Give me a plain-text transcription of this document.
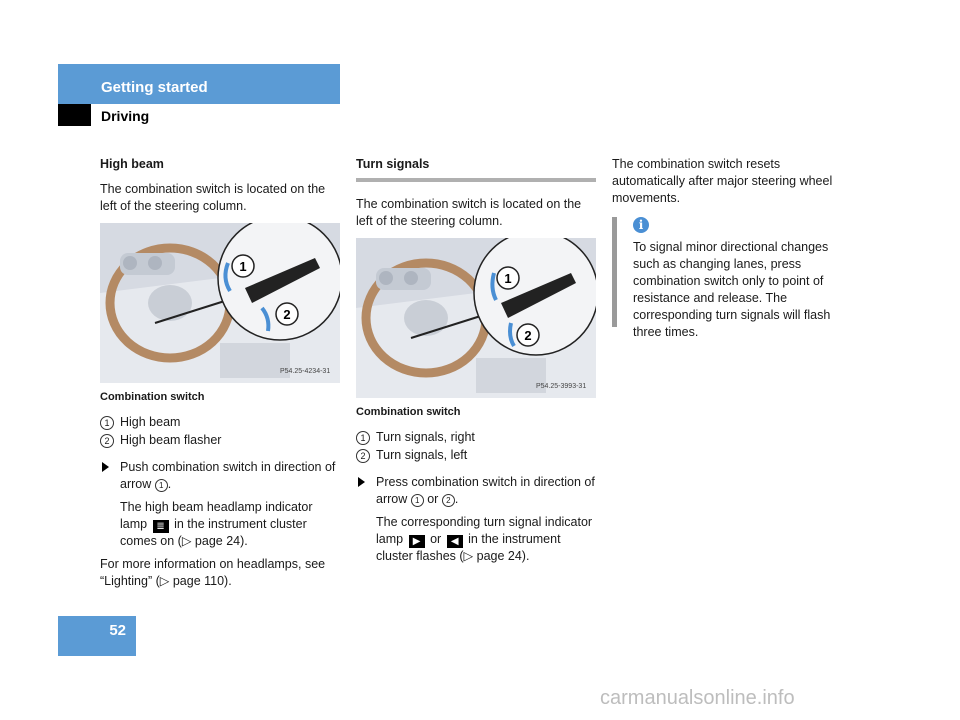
Getting started
Driving

High beam

The combination switch is located on the left of the steering column.

1
2
P54.25-4234-31
Combination switch
1 High beam
2 High beam flasher
Push combination switch in direction of arrow 1 .
The high beam headlamp indicator lamp ≣ in the instrument cluster comes on (▷ page 24).

For more information on headlamps, see “Lighting” (▷ page 110).

Turn signals

The combination switch is located on the left of the steering column.

1
2
P54.25-3993-31
Combination switch
1 Turn signals, right
2 Turn signals, left
Press combination switch in direction of arrow 1 or 2 .
The corresponding turn signal indicator lamp ▶ or ◀ in the instrument cluster flashes (▷ page 24).

The combination switch resets automatically after major steering wheel movements.

i

To signal minor directional changes such as changing lanes, press combination switch only to point of resistance and release. The corresponding turn signals will flash three times.

52
carmanualsonline.info
